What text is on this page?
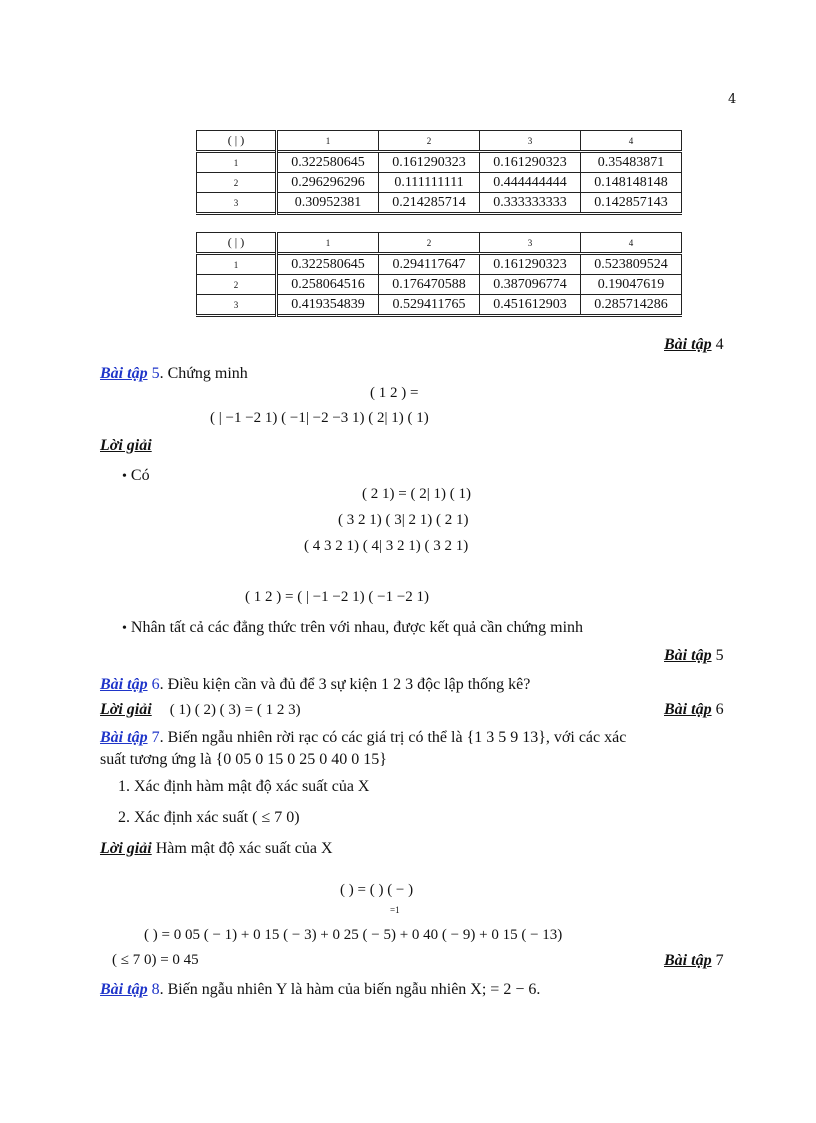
4
( | )	1	2	3	4
1	0.322580645	0.161290323	0.161290323	0.35483871
2	0.296296296	0.111111111	0.444444444	0.148148148
3	0.30952381	0.214285714	0.333333333	0.142857143
( | )	1	2	3	4
1	0.322580645	0.294117647	0.161290323	0.523809524
2	0.258064516	0.176470588	0.387096774	0.19047619
3	0.419354839	0.529411765	0.451612903	0.285714286
Bài tập 4
Bài tập 5. Chứng minh
( 1 2 ) =
( | −1 −2 1) ( −1| −2 −3 1) ( 2| 1) ( 1)
Lời giải
• Có
( 2 1) = ( 2| 1) ( 1)
( 3 2 1) ( 3| 2 1) ( 2 1)
( 4 3 2 1) ( 4| 3 2 1) ( 3 2 1)
( 1 2 ) = ( | −1 −2 1) ( −1 −2 1)
• Nhân tất cả các đẳng thức trên với nhau, được kết quả cần chứng minh
Bài tập 5
Bài tập 6. Điều kiện cần và đủ để 3 sự kiện 1 2 3 độc lập thống kê?
Lời giải ( 1) ( 2) ( 3) = ( 1 2 3)	Bài tập 6
Bài tập 7. Biến ngẫu nhiên rời rạc có các giá trị có thể là {1 3 5 9 13}, với các xác
suất tương ứng là {0 05 0 15 0 25 0 40 0 15}
1. Xác định hàm mật độ xác suất của X
2. Xác định xác suất ( ≤ 7 0)
Lời giải Hàm mật độ xác suất của X
( ) = ( ) ( − )
=1
( ) = 0 05 ( − 1) + 0 15 ( − 3) + 0 25 ( − 5) + 0 40 ( − 9) + 0 15 ( − 13)
( ≤ 7 0) = 0 45	Bài tập 7
Bài tập 8. Biến ngẫu nhiên Y là hàm của biến ngẫu nhiên X; = 2 − 6.
